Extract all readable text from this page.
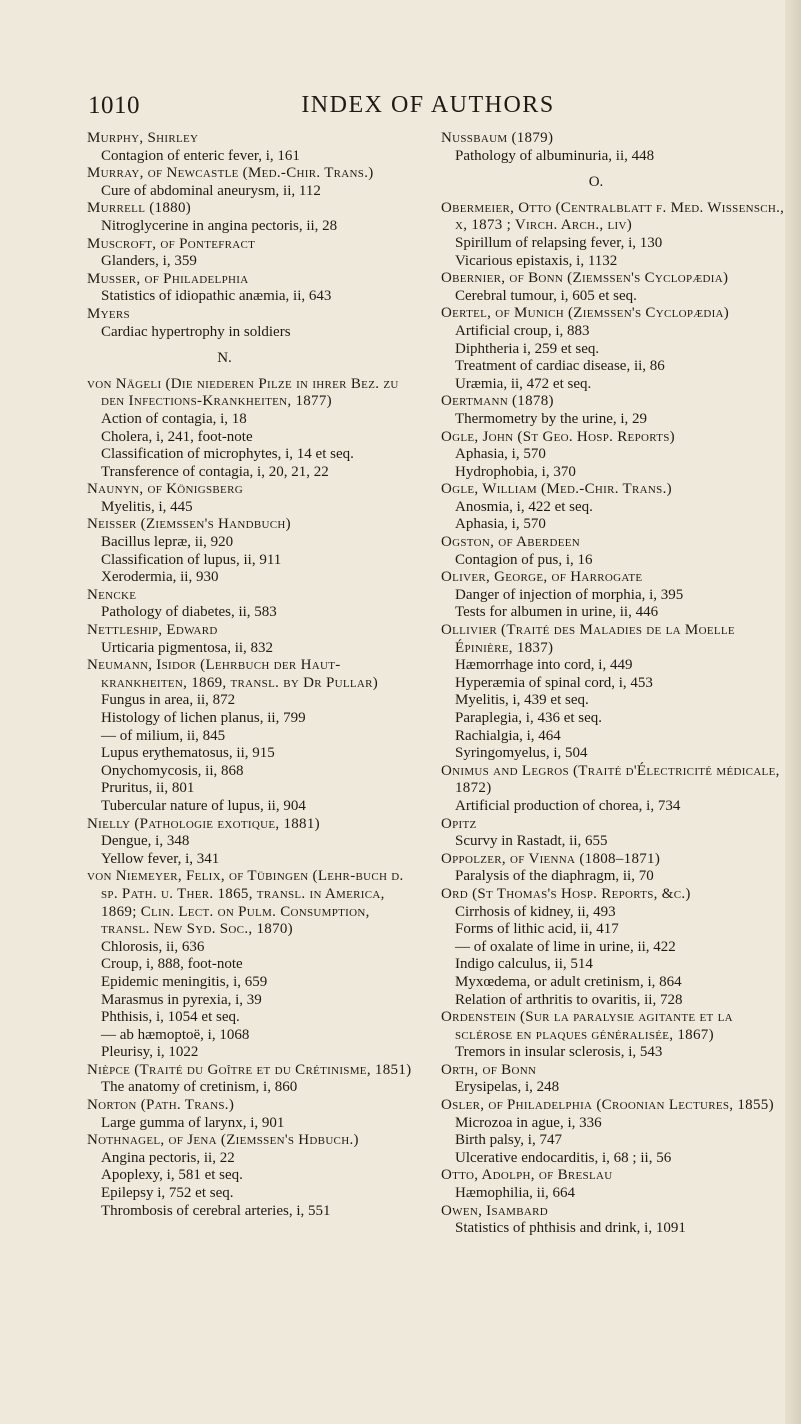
1010	INDEX OF AUTHORS
Murphy, Shirley
Contagion of enteric fever, i, 161
Murray, of Newcastle (Med.-Chir. Trans.)
Cure of abdominal aneurysm, ii, 112
Murrell (1880)
Nitroglycerine in angina pectoris, ii, 28
Muscroft, of Pontefract
Glanders, i, 359
Musser, of Philadelphia
Statistics of idiopathic anæmia, ii, 643
Myers
Cardiac hypertrophy in soldiers
N.
von Nägeli (Die niederen Pilze in ihrer Bez. zu den Infections-Krankheiten, 1877)
Action of contagia, i, 18
Cholera, i, 241, foot-note
Classification of microphytes, i, 14 et seq.
Transference of contagia, i, 20, 21, 22
Naunyn, of Königsberg
Myelitis, i, 445
Neisser (Ziemssen's Handbuch)
Bacillus lepræ, ii, 920
Classification of lupus, ii, 911
Xerodermia, ii, 930
Nencke
Pathology of diabetes, ii, 583
Nettleship, Edward
Urticaria pigmentosa, ii, 832
Neumann, Isidor (Lehrbuch der Haut-krankheiten, 1869, transl. by Dr Pullar)
Fungus in area, ii, 872
Histology of lichen planus, ii, 799
— of milium, ii, 845
Lupus erythematosus, ii, 915
Onychomycosis, ii, 868
Pruritus, ii, 801
Tubercular nature of lupus, ii, 904
Nielly (Pathologie exotique, 1881)
Dengue, i, 348
Yellow fever, i, 341
von Niemeyer, Felix, of Tübingen (Lehr-buch d. sp. Path. u. Ther. 1865, transl. in America, 1869; Clin. Lect. on Pulm. Consumption, transl. New Syd. Soc., 1870)
Chlorosis, ii, 636
Croup, i, 888, foot-note
Epidemic meningitis, i, 659
Marasmus in pyrexia, i, 39
Phthisis, i, 1054 et seq.
— ab hæmoptoë, i, 1068
Pleurisy, i, 1022
Nièpce (Traité du Goître et du Crétinisme, 1851)
The anatomy of cretinism, i, 860
Norton (Path. Trans.)
Large gumma of larynx, i, 901
Nothnagel, of Jena (Ziemssen's Hdbuch.)
Angina pectoris, ii, 22
Apoplexy, i, 581 et seq.
Epilepsy i, 752 et seq.
Thrombosis of cerebral arteries, i, 551
Nussbaum (1879)
Pathology of albuminuria, ii, 448
O.
Obermeier, Otto (Centralblatt f. Med. Wissensch., x, 1873 ; Virch. Arch., liv)
Spirillum of relapsing fever, i, 130
Vicarious epistaxis, i, 1132
Obernier, of Bonn (Ziemssen's Cyclopædia)
Cerebral tumour, i, 605 et seq.
Oertel, of Munich (Ziemssen's Cyclopædia)
Artificial croup, i, 883
Diphtheria i, 259 et seq.
Treatment of cardiac disease, ii, 86
Uræmia, ii, 472 et seq.
Oertmann (1878)
Thermometry by the urine, i, 29
Ogle, John (St Geo. Hosp. Reports)
Aphasia, i, 570
Hydrophobia, i, 370
Ogle, William (Med.-Chir. Trans.)
Anosmia, i, 422 et seq.
Aphasia, i, 570
Ogston, of Aberdeen
Contagion of pus, i, 16
Oliver, George, of Harrogate
Danger of injection of morphia, i, 395
Tests for albumen in urine, ii, 446
Ollivier (Traité des Maladies de la Moelle Épinière, 1837)
Hæmorrhage into cord, i, 449
Hyperæmia of spinal cord, i, 453
Myelitis, i, 439 et seq.
Paraplegia, i, 436 et seq.
Rachialgia, i, 464
Syringomyelus, i, 504
Onimus and Legros (Traité d'Électricité médicale, 1872)
Artificial production of chorea, i, 734
Opitz
Scurvy in Rastadt, ii, 655
Oppolzer, of Vienna (1808–1871)
Paralysis of the diaphragm, ii, 70
Ord (St Thomas's Hosp. Reports, &c.)
Cirrhosis of kidney, ii, 493
Forms of lithic acid, ii, 417
— of oxalate of lime in urine, ii, 422
Indigo calculus, ii, 514
Myxœdema, or adult cretinism, i, 864
Relation of arthritis to ovaritis, ii, 728
Ordenstein (Sur la paralysie agitante et la sclérose en plaques généralisée, 1867)
Tremors in insular sclerosis, i, 543
Orth, of Bonn
Erysipelas, i, 248
Osler, of Philadelphia (Croonian Lectures, 1855)
Microzoa in ague, i, 336
Birth palsy, i, 747
Ulcerative endocarditis, i, 68 ; ii, 56
Otto, Adolph, of Breslau
Hæmophilia, ii, 664
Owen, Isambard
Statistics of phthisis and drink, i, 1091
